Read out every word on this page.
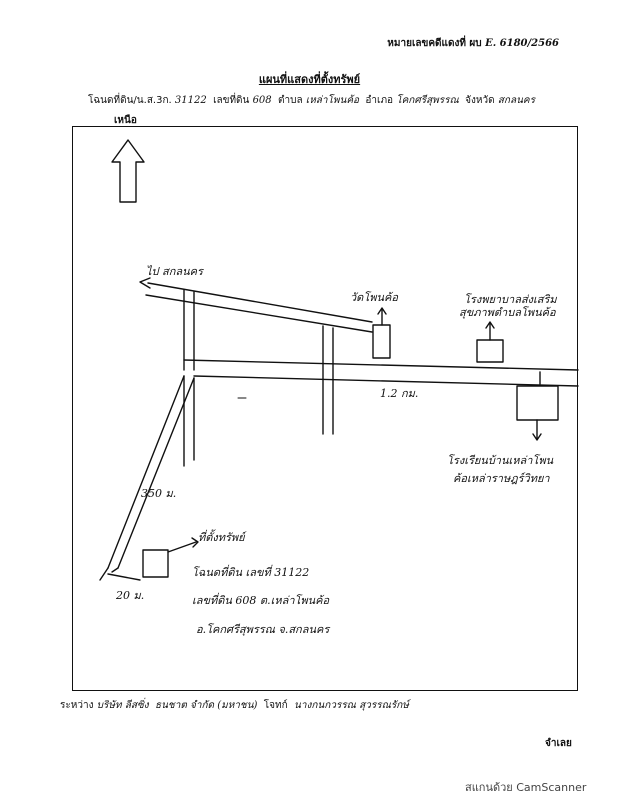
หมายเลขคดีแดงที่ ผบ E. 6180/2566
แผนที่แสดงที่ตั้งทรัพย์
โฉนดที่ดิน/น.ส.3ก. 31122 เลขที่ดิน 608 ตำบล เหล่าโพนค้อ อำเภอ โคกศรีสุพรรณ จังหวัด สกลนคร
เหนือ
ไป สกลนคร
วัดโพนค้อ	โรงพยาบาลส่งเสริม
สุขภาพตำบลโพนค้อ
1.2 กม.
โรงเรียนบ้านเหล่าโพน
ค้อเหล่าราษฎร์วิทยา
350 ม.
ที่ตั้งทรัพย์
โฉนดที่ดิน เลขที่ 31122
เลขที่ดิน 608 ต.เหล่าโพนค้อ
อ.โคกศรีสุพรรณ จ.สกลนคร
20 ม.
ระหว่าง บริษัท ลีสซิ่ง ธนชาต จำกัด (มหาชน) โจทก์ นางกนกวรรณ สุวรรณรักษ์
จำเลย
สแกนด้วย CamScanner
